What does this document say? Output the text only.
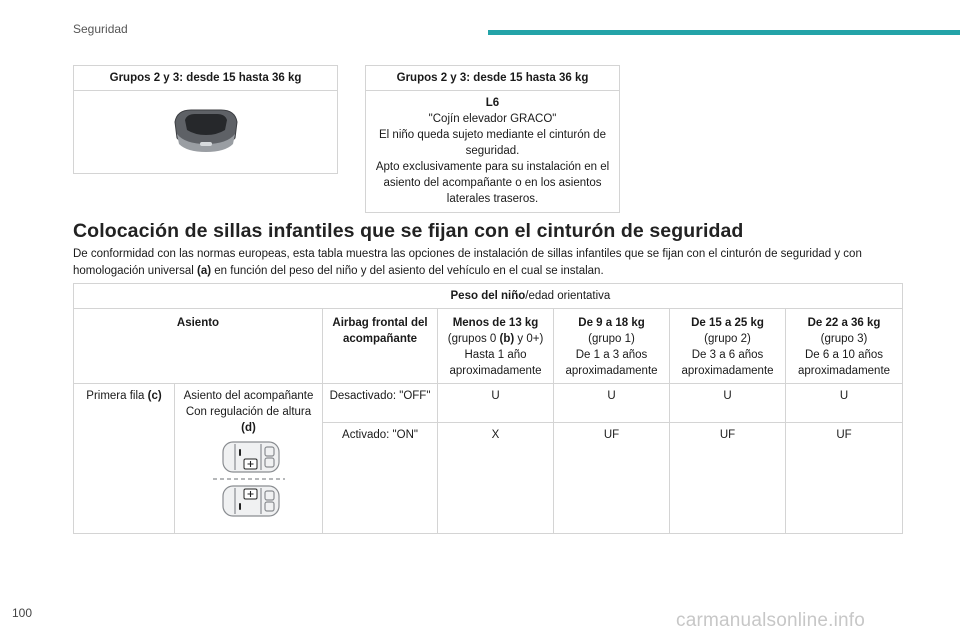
Seguridad
Grupos 2 y 3: desde 15 hasta 36 kg	Grupos 2 y 3: desde 15 hasta 36 kg

L6
"Cojín elevador GRACO"
El niño queda sujeto mediante el cinturón de seguridad.
Apto exclusivamente para su instalación en el asiento del acompañante o en los asientos laterales traseros.
Colocación de sillas infantiles que se fijan con el cinturón de seguridad
De conformidad con las normas europeas, esta tabla muestra las opciones de instalación de sillas infantiles que se fijan con el cinturón de seguridad y con homologación universal (a) en función del peso del niño y del asiento del vehículo en el cual se instalan.
			Peso del niño/edad orientativa			
Asiento		Airbag frontal del acompañante	Menos de 13 kg
(grupos 0 (b) y 0+)
Hasta 1 año aproximadamente	De 9 a 18 kg
(grupo 1)
De 1 a 3 años aproximadamente	De 15 a 25 kg
(grupo 2)
De 3 a 6 años aproximadamente	De 22 a 36 kg
(grupo 3)
De 6 a 10 años aproximadamente
Primera fila (c)	Asiento del acompañante
Con regulación de altura
(d)	Desactivado: "OFF"	U	U	U	U
		Activado: "ON"	X	UF	UF	UF
100	carmanualsonline.info
